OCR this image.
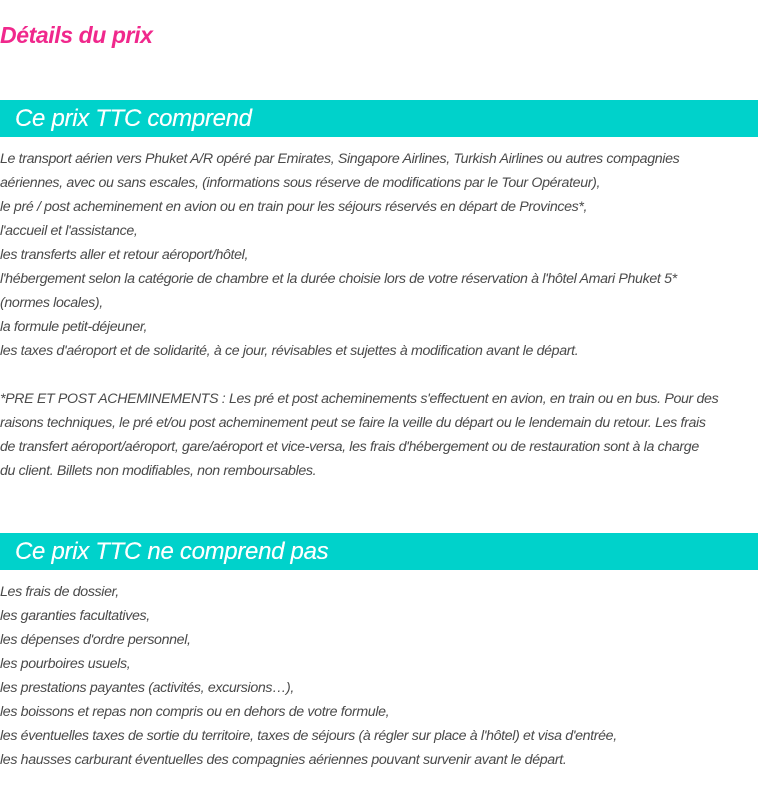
Détails du prix
Ce prix TTC comprend
Le transport aérien vers Phuket A/R opéré par Emirates, Singapore Airlines, Turkish Airlines ou autres compagnies
aériennes, avec ou sans escales, (informations sous réserve de modifications par le Tour Opérateur),
le pré / post acheminement en avion ou en train pour les séjours réservés en départ de Provinces*,
l'accueil et l'assistance,
les transferts aller et retour aéroport/hôtel,
l'hébergement selon la catégorie de chambre et la durée choisie lors de votre réservation à l'hôtel Amari Phuket 5*
(normes locales),
la formule petit-déjeuner,
les taxes d'aéroport et de solidarité, à ce jour, révisables et sujettes à modification avant le départ.
*PRE ET POST ACHEMINEMENTS : Les pré et post acheminements s'effectuent en avion, en train ou en bus. Pour des
raisons techniques, le pré et/ou post acheminement peut se faire la veille du départ ou le lendemain du retour. Les frais
de transfert aéroport/aéroport, gare/aéroport et vice-versa, les frais d'hébergement ou de restauration sont à la charge
du client. Billets non modifiables, non remboursables.
Ce prix TTC ne comprend pas
Les frais de dossier,
les garanties facultatives,
les dépenses d'ordre personnel,
les pourboires usuels,
les prestations payantes (activités, excursions…),
les boissons et repas non compris ou en dehors de votre formule,
les éventuelles taxes de sortie du territoire, taxes de séjours (à régler sur place à l'hôtel) et visa d'entrée,
les hausses carburant éventuelles des compagnies aériennes pouvant survenir avant le départ.
